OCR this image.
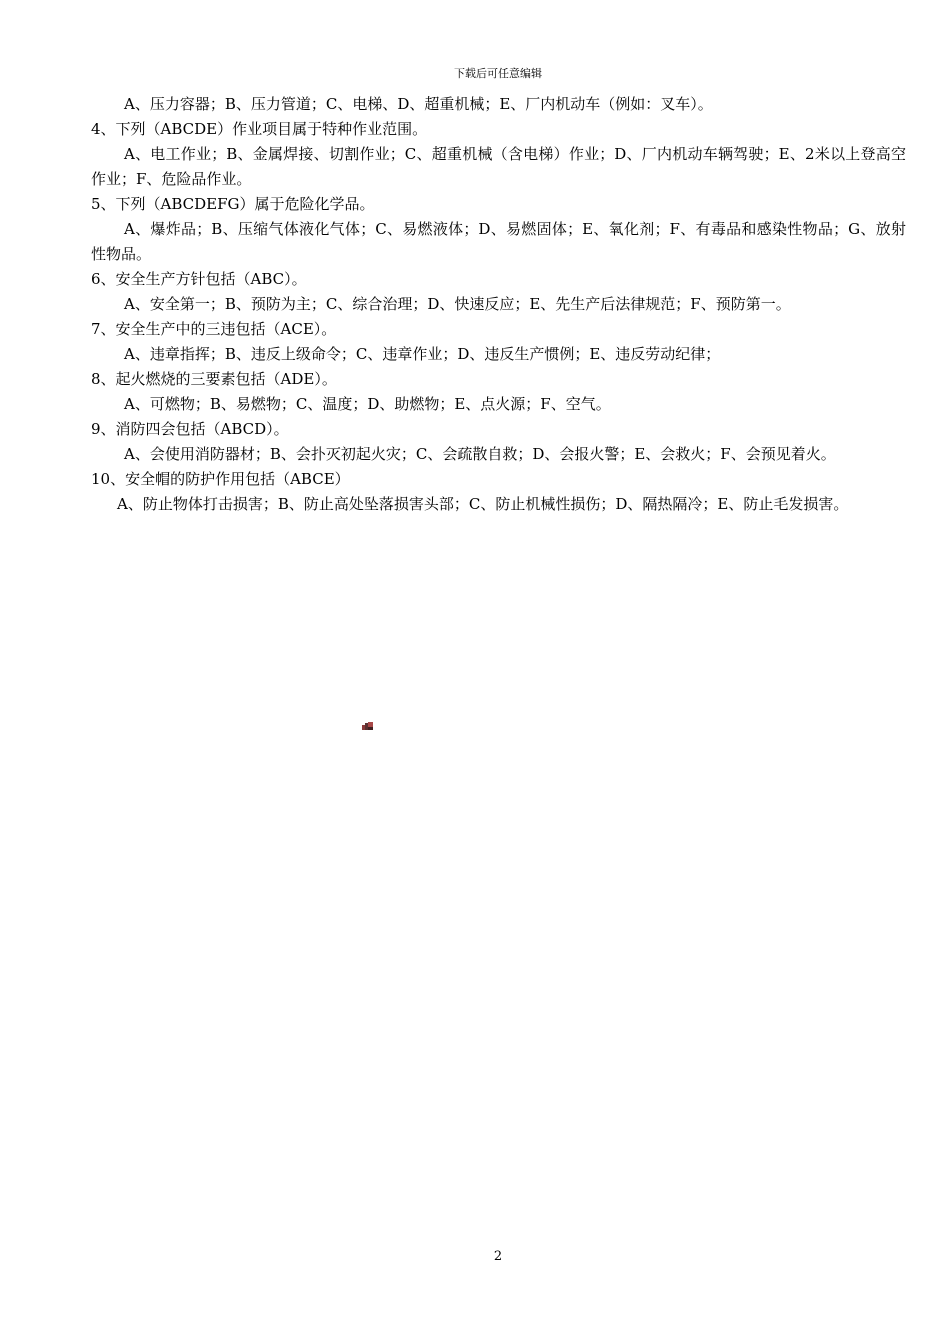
下载后可任意编辑

A、压力容器；B、压力管道；C、电梯、D、超重机械；E、厂内机动车（例如：叉车）。

4、下列（ABCDE）作业项目属于特种作业范围。

A、电工作业；B、金属焊接、切割作业；C、超重机械（含电梯）作业；D、厂内机动车辆驾驶；E、2米以上登高空作业；F、危险品作业。

5、下列（ABCDEFG）属于危险化学品。

A、爆炸品；B、压缩气体液化气体；C、易燃液体；D、易燃固体；E、氧化剂；F、有毒品和感染性物品；G、放射性物品。

6、安全生产方针包括（ABC）。

A、安全第一；B、预防为主；C、综合治理；D、快速反应；E、先生产后法律规范；F、预防第一。

7、安全生产中的三违包括（ACE）。

A、违章指挥；B、违反上级命令；C、违章作业；D、违反生产惯例；E、违反劳动纪律；

8、起火燃烧的三要素包括（ADE）。

A、可燃物；B、易燃物；C、温度；D、助燃物；E、点火源；F、空气。

9、消防四会包括（ABCD）。

A、会使用消防器材；B、会扑灭初起火灾；C、会疏散自救；D、会报火警；E、会救火；F、会预见着火。

10、安全帽的防护作用包括（ABCE）

A、防止物体打击损害；B、防止高处坠落损害头部；C、防止机械性损伤；D、隔热隔冷；E、防止毛发损害。

2
